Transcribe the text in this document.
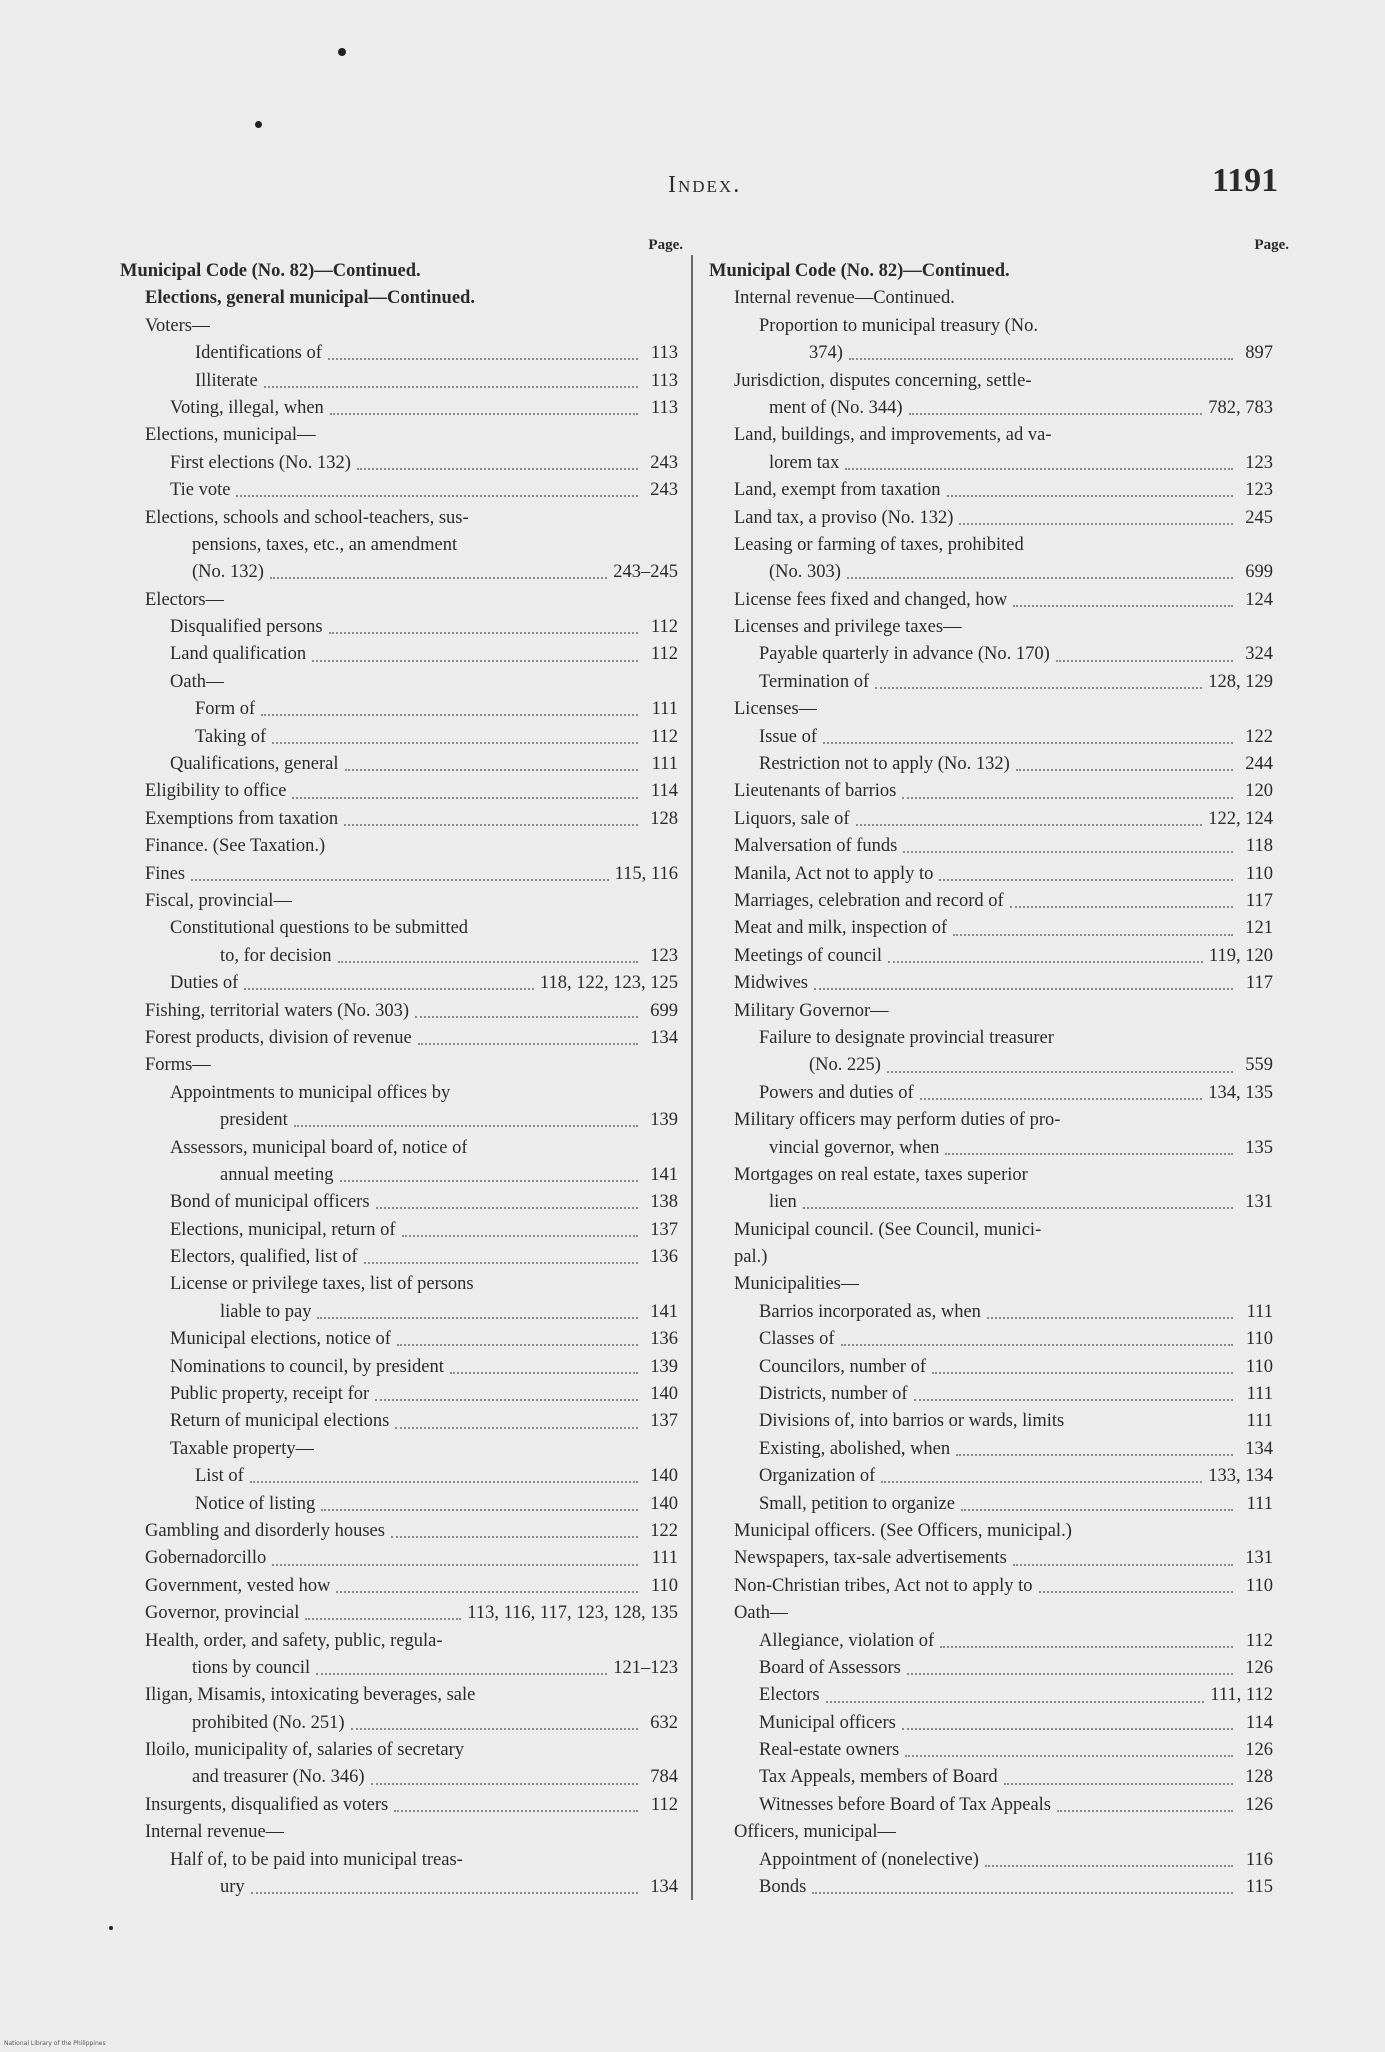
Index.	1191
Page.
Municipal Code (No. 82)—Continued.
Elections, general municipal—Continued.
Voters—
Identifications of	113
Illiterate	113
Voting, illegal, when	113
Elections, municipal—
First elections (No. 132)	243
Tie vote	243
Elections, schools and school-teachers, sus-
pensions, taxes, etc., an amendment
(No. 132)	243–245
Electors—
Disqualified persons	112
Land qualification	112
Oath—
Form of	111
Taking of	112
Qualifications, general	111
Eligibility to office	114
Exemptions from taxation	128
Finance. (See Taxation.)
Fines	115, 116
Fiscal, provincial—
Constitutional questions to be submitted
to, for decision	123
Duties of	118, 122, 123, 125
Fishing, territorial waters (No. 303)	699
Forest products, division of revenue	134
Forms—
Appointments to municipal offices by
president	139
Assessors, municipal board of, notice of
annual meeting	141
Bond of municipal officers	138
Elections, municipal, return of	137
Electors, qualified, list of	136
License or privilege taxes, list of persons
liable to pay	141
Municipal elections, notice of	136
Nominations to council, by president	139
Public property, receipt for	140
Return of municipal elections	137
Taxable property—
List of	140
Notice of listing	140
Gambling and disorderly houses	122
Gobernadorcillo	111
Government, vested how	110
Governor, provincial	113, 116, 117, 123, 128, 135
Health, order, and safety, public, regula-
tions by council	121–123
Iligan, Misamis, intoxicating beverages, sale
prohibited (No. 251)	632
Iloilo, municipality of, salaries of secretary
and treasurer (No. 346)	784
Insurgents, disqualified as voters	112
Internal revenue—
Half of, to be paid into municipal treas-
ury	134
Page.
Municipal Code (No. 82)—Continued.
Internal revenue—Continued.
Proportion to municipal treasury (No.
374)	897
Jurisdiction, disputes concerning, settle-
ment of (No. 344)	782, 783
Land, buildings, and improvements, ad va-
lorem tax	123
Land, exempt from taxation	123
Land tax, a proviso (No. 132)	245
Leasing or farming of taxes, prohibited
(No. 303)	699
License fees fixed and changed, how	124
Licenses and privilege taxes—
Payable quarterly in advance (No. 170)	324
Termination of	128, 129
Licenses—
Issue of	122
Restriction not to apply (No. 132)	244
Lieutenants of barrios	120
Liquors, sale of	122, 124
Malversation of funds	118
Manila, Act not to apply to	110
Marriages, celebration and record of	117
Meat and milk, inspection of	121
Meetings of council	119, 120
Midwives	117
Military Governor—
Failure to designate provincial treasurer
(No. 225)	559
Powers and duties of	134, 135
Military officers may perform duties of pro-
vincial governor, when	135
Mortgages on real estate, taxes superior
lien	131
Municipal council. (See Council, munici-
pal.)
Municipalities—
Barrios incorporated as, when	111
Classes of	110
Councilors, number of	110
Districts, number of	111
Divisions of, into barrios or wards, limits	111
Existing, abolished, when	134
Organization of	133, 134
Small, petition to organize	111
Municipal officers. (See Officers, municipal.)
Newspapers, tax-sale advertisements	131
Non-Christian tribes, Act not to apply to	110
Oath—
Allegiance, violation of	112
Board of Assessors	126
Electors	111, 112
Municipal officers	114
Real-estate owners	126
Tax Appeals, members of Board	128
Witnesses before Board of Tax Appeals	126
Officers, municipal—
Appointment of (nonelective)	116
Bonds	115
National Library of the Philippines
